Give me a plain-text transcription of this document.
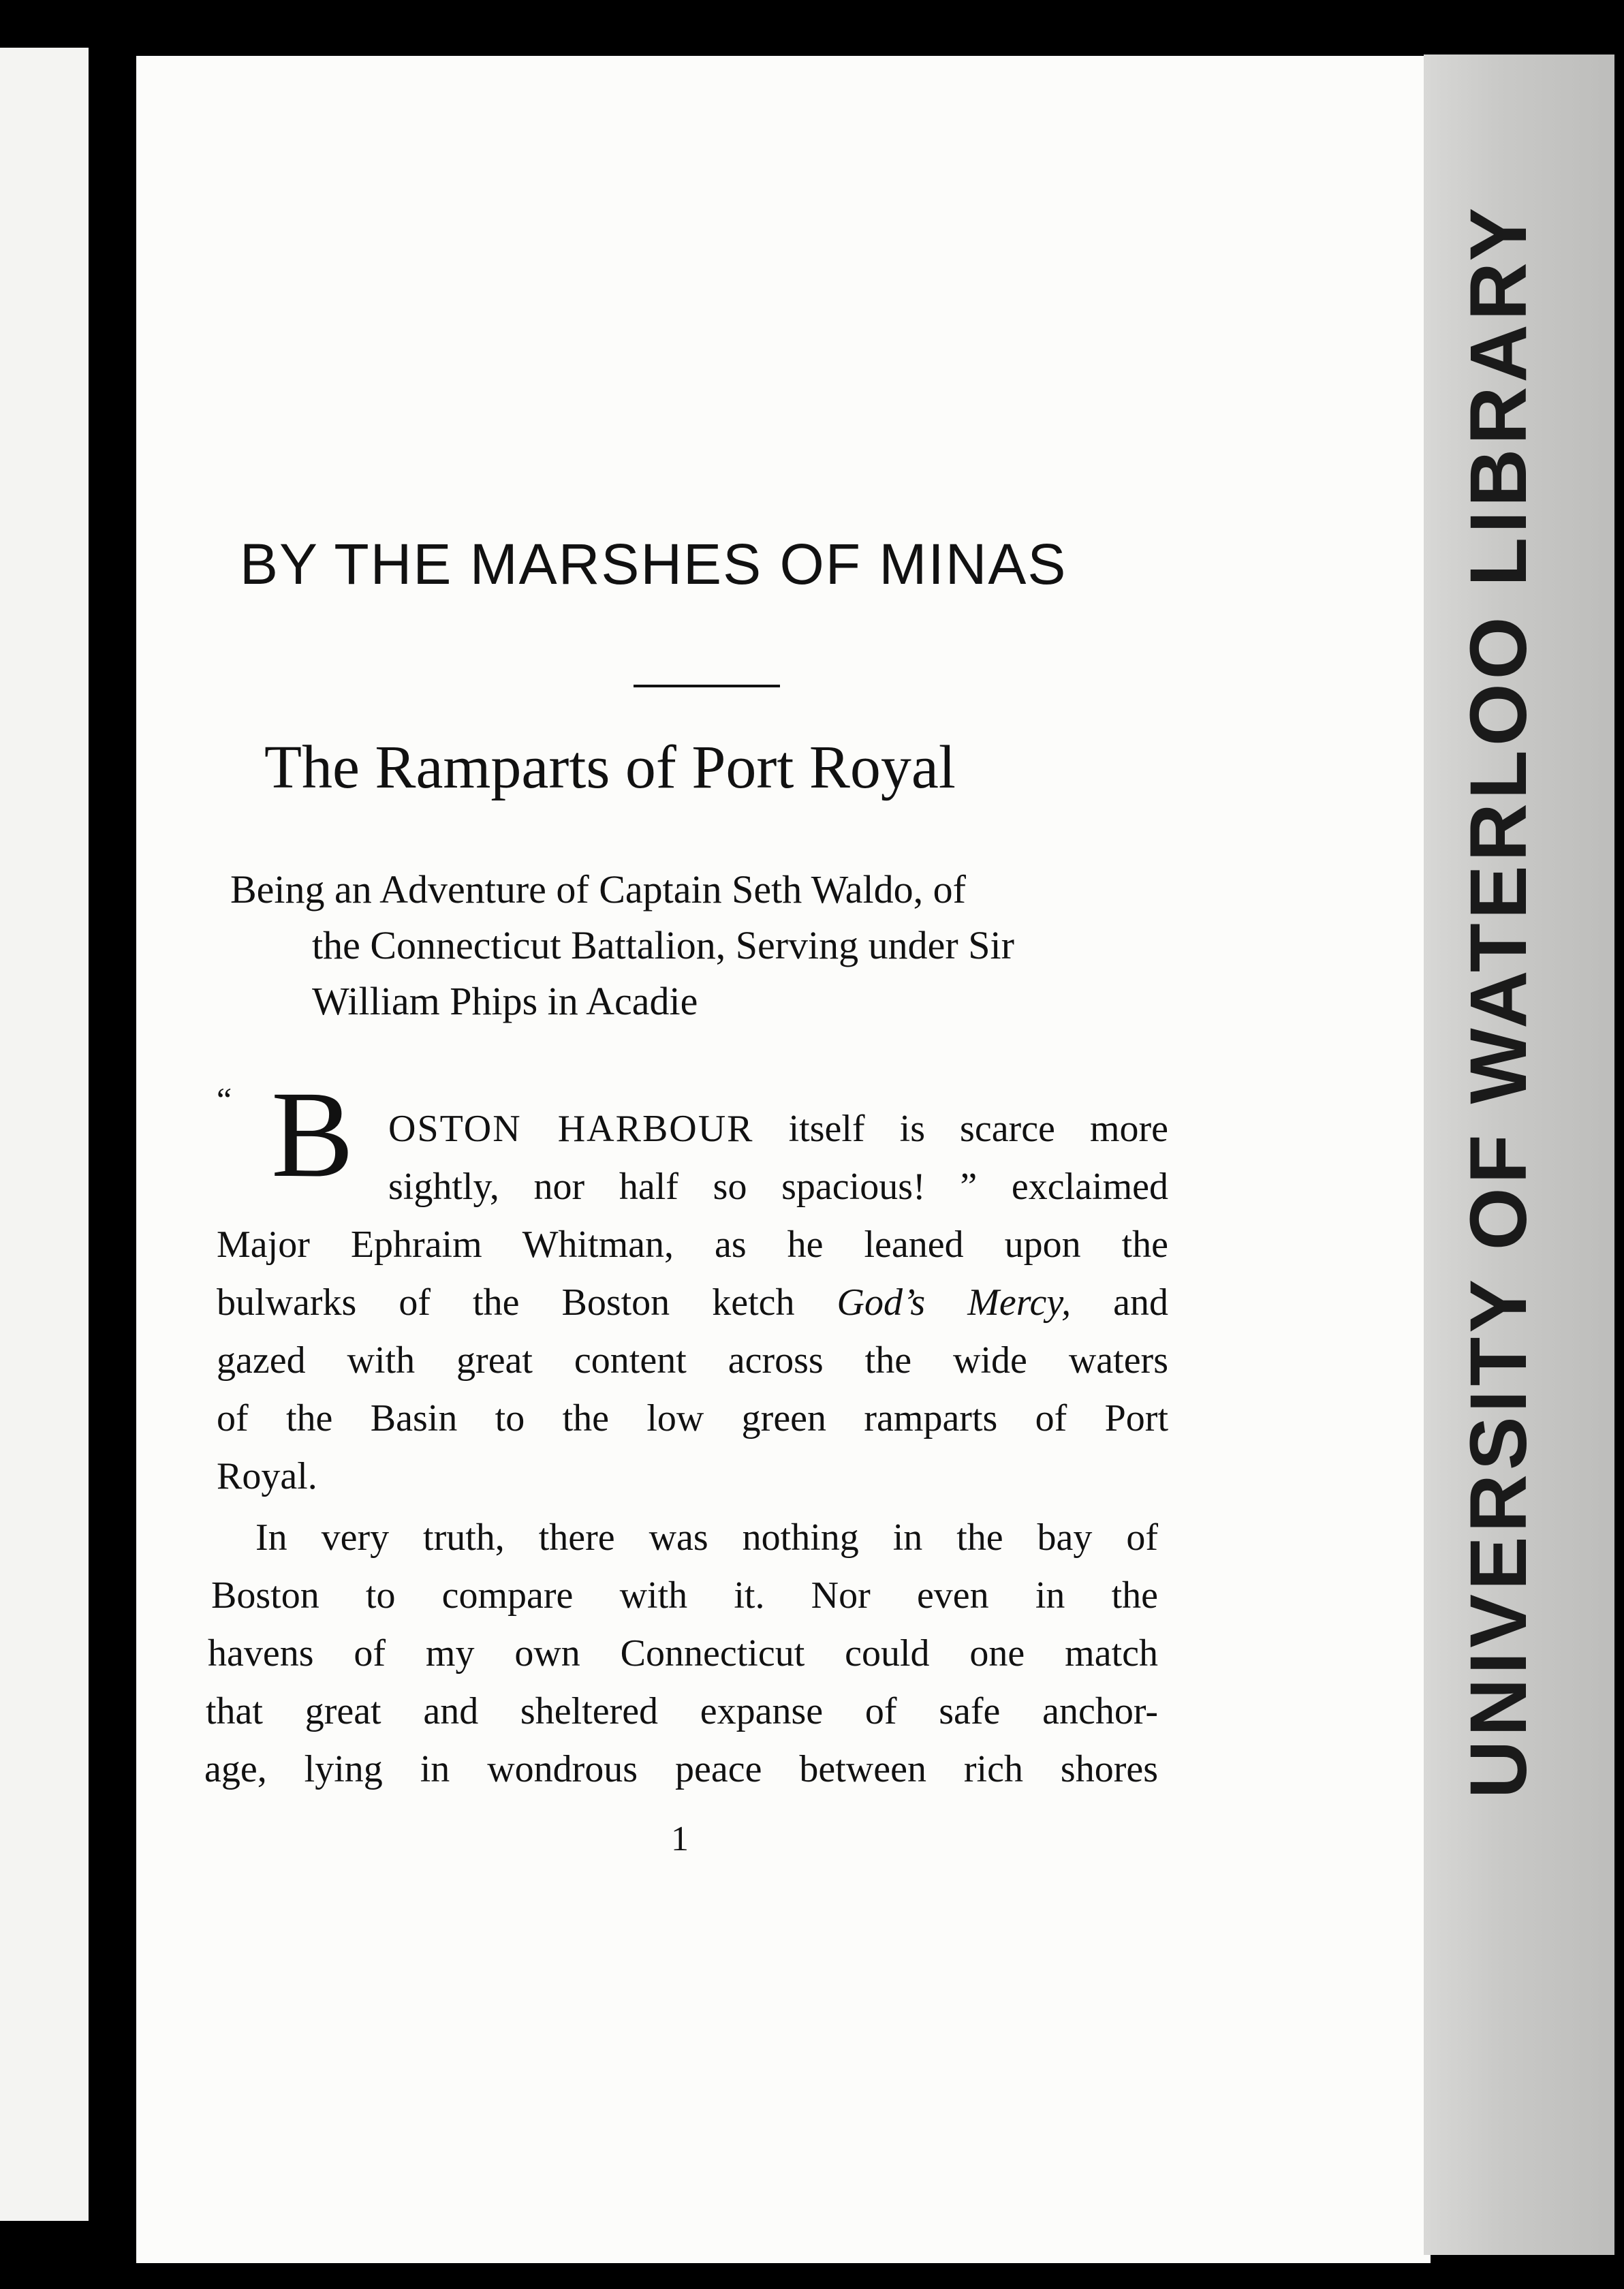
UNIVERSITY OF WATERLOO LIBRARY
BY THE MARSHES OF MINAS
The Ramparts of Port Royal
Being an Adventure of Captain Seth Waldo, of
the Connecticut Battalion, Serving under Sir
William Phips in Acadie
“ B OSTON HARBOUR itself is scarce more
sightly, nor half so spacious! ” exclaimed
Major Ephraim Whitman, as he leaned upon the
bulwarks of the Boston ketch God’s Mercy, and
gazed with great content across the wide waters
of the Basin to the low green ramparts of Port
Royal.
In very truth, there was nothing in the bay of
Boston to compare with it. Nor even in the
havens of my own Connecticut could one match
that great and sheltered expanse of safe anchor-
age, lying in wondrous peace between rich shores
1
